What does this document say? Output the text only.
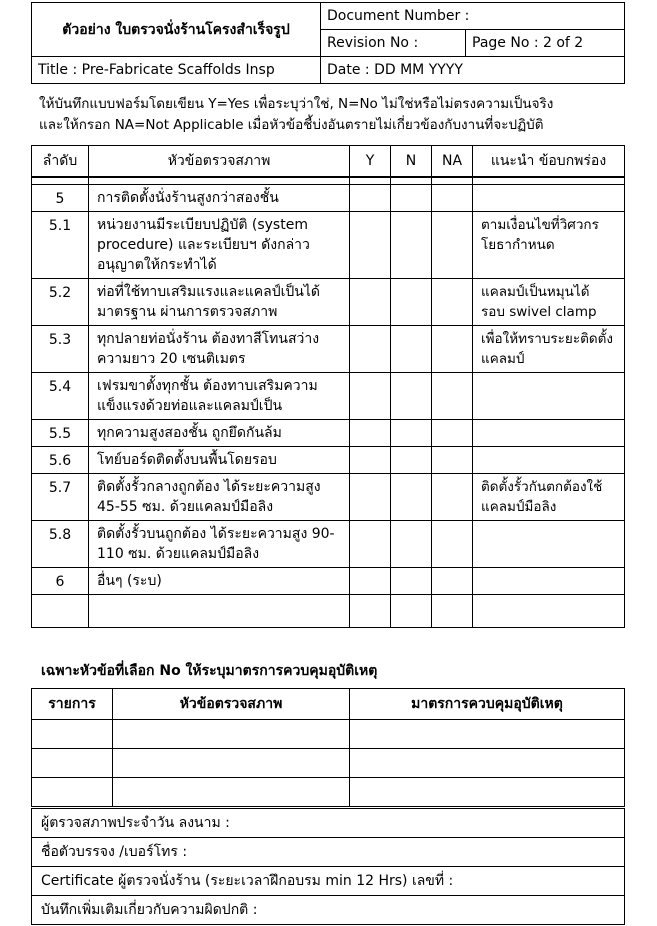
ตัวอย่าง ใบตรวจนั่งร้านโครงสำเร็จรูป	Document Number :	
	Revision No :	Page No : 2 of 2
Title : Pre-Fabricate Scaffolds Insp	Date : DD MM YYYY	
ให้บันทึกแบบฟอร์มโดยเขียน Y=Yes เพื่อระบุว่าใช่, N=No ไม่ใช่หรือไม่ตรงความเป็นจริง
และให้กรอก NA=Not Applicable เมื่อหัวข้อชี้บ่งอันตรายไม่เกี่ยวข้องกับงานที่จะปฏิบัติ
ลำดับ	หัวข้อตรวจสภาพ	Y	N	NA	แนะนำ ข้อบกพร่อง

5	การติดตั้งนั่งร้านสูงกว่าสองชั้น				
5.1	หน่วยงานมีระเบียบปฏิบัติ (system procedure) และระเบียบฯ ดังกล่าวอนุญาตให้กระทำได้				ตามเงื่อนไขที่วิศวกรโยธากำหนด
5.2	ท่อที่ใช้ทาบเสริมแรงและแคลป์เป็นได้มาตรฐาน ผ่านการตรวจสภาพ				แคลมป์เป็นหมุนได้ รอบ swivel clamp
5.3	ทุกปลายท่อนั่งร้าน ต้องทาสีโทนสว่างความยาว 20 เซนติเมตร				เพื่อให้ทราบระยะติดตั้งแคลมป์
5.4	เฟรมขาตั้งทุกชั้น ต้องทาบเสริมความแข็งแรงด้วยท่อและแคลมป์เป็น				
5.5	ทุกความสูงสองชั้น ถูกยึดกันล้ม				
5.6	โทย์บอร์ดติดตั้งบนพื้นโดยรอบ				
5.7	ติดตั้งรั้วกลางถูกต้อง ได้ระยะความสูง 45-55 ซม. ด้วยแคลมป์มือลิง				ติดตั้งรั้วกันตกต้องใช้แคลมป์มือลิง
5.8	ติดตั้งรั้วบนถูกต้อง ได้ระยะความสูง 90-110 ซม. ด้วยแคลมป์มือลิง				
6	อื่นๆ (ระบ)				

เฉพาะหัวข้อที่เลือก No ให้ระบุมาตรการควบคุมอุบัติเหตุ
รายการ	หัวข้อตรวจสภาพ	มาตรการควบคุมอุบัติเหตุ

ผู้ตรวจสภาพประจำวัน ลงนาม :
ชื่อตัวบรรจง /เบอร์โทร :
Certificate ผู้ตรวจนั่งร้าน (ระยะเวลาฝึกอบรม min 12 Hrs) เลขที่ :
บันทึกเพิ่มเติมเกี่ยวกับความผิดปกติ :
